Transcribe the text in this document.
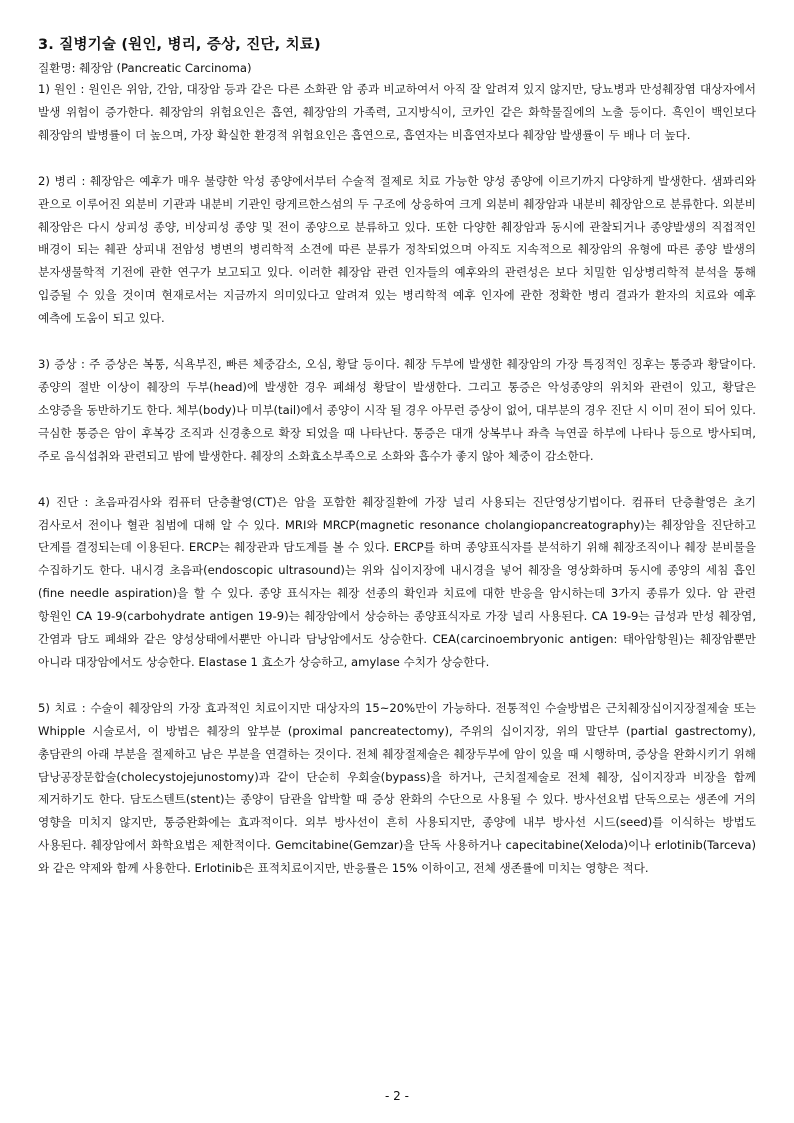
3. 질병기술 (원인, 병리, 증상, 진단, 치료)

질환명: 췌장암 (Pancreatic Carcinoma)

1) 원인 : 원인은 위암, 간암, 대장암 등과 같은 다른 소화관 암 종과 비교하여서 아직 잘 알려져 있지 않지만, 당뇨병과 만성췌장염 대상자에서 발생 위험이 증가한다. 췌장암의 위험요인은 흡연, 췌장암의 가족력, 고지방식이, 코카인 같은 화학물질에의 노출 등이다. 흑인이 백인보다 췌장암의 발병률이 더 높으며, 가장 확실한 환경적 위험요인은 흡연으로, 흡연자는 비흡연자보다 췌장암 발생률이 두 배나 더 높다.

2) 병리 : 췌장암은 예후가 매우 불량한 악성 종양에서부터 수술적 절제로 치료 가능한 양성 종양에 이르기까지 다양하게 발생한다. 샘꽈리와 관으로 이루어진 외분비 기관과 내분비 기관인 랑게르한스섬의 두 구조에 상응하여 크게 외분비 췌장암과 내분비 췌장암으로 분류한다. 외분비 췌장암은 다시 상피성 종양, 비상피성 종양 및 전이 종양으로 분류하고 있다. 또한 다양한 췌장암과 동시에 관찰되거나 종양발생의 직접적인 배경이 되는 췌관 상피내 전암성 병변의 병리학적 소견에 따른 분류가 정착되었으며 아직도 지속적으로 췌장암의 유형에 따른 종양 발생의 분자생물학적 기전에 관한 연구가 보고되고 있다. 이러한 췌장암 관련 인자들의 예후와의 관련성은 보다 치밀한 임상병리학적 분석을 통해 입증될 수 있을 것이며 현재로서는 지금까지 의미있다고 알려져 있는 병리학적 예후 인자에 관한 정확한 병리 결과가 환자의 치료와 예후 예측에 도움이 되고 있다.

3) 증상 : 주 증상은 복통, 식욕부진, 빠른 체중감소, 오심, 황달 등이다. 췌장 두부에 발생한 췌장암의 가장 특징적인 징후는 통증과 황달이다. 종양의 절반 이상이 췌장의 두부(head)에 발생한 경우 폐쇄성 황달이 발생한다. 그리고 통증은 악성종양의 위치와 관련이 있고, 황달은 소양증을 동반하기도 한다. 체부(body)나 미부(tail)에서 종양이 시작 될 경우 아무런 증상이 없어, 대부분의 경우 진단 시 이미 전이 되어 있다. 극심한 통증은 암이 후복강 조직과 신경총으로 확장 되었을 때 나타난다. 통증은 대개 상복부나 좌측 늑연골 하부에 나타나 등으로 방사되며, 주로 음식섭취와 관련되고 밤에 발생한다. 췌장의 소화효소부족으로 소화와 흡수가 좋지 않아 체중이 감소한다.

4) 진단 : 초음파검사와 컴퓨터 단층촬영(CT)은 암을 포함한 췌장질환에 가장 널리 사용되는 진단영상기법이다. 컴퓨터 단층촬영은 초기 검사로서 전이나 혈관 침범에 대해 알 수 있다. MRI와 MRCP(magnetic resonance cholangiopancreatography)는 췌장암을 진단하고 단계를 결정되는데 이용된다. ERCP는 췌장관과 담도계를 볼 수 있다. ERCP를 하며 종양표식자를 분석하기 위해 췌장조직이나 췌장 분비물을 수집하기도 한다. 내시경 초음파(endoscopic ultrasound)는 위와 십이지장에 내시경을 넣어 췌장을 영상화하며 동시에 종양의 세침 흡인 (fine needle aspiration)을 할 수 있다. 종양 표식자는 췌장 선종의 확인과 치료에 대한 반응을 암시하는데 3가지 종류가 있다. 암 관련 항원인 CA 19-9(carbohydrate antigen 19-9)는 췌장암에서 상승하는 종양표식자로 가장 널리 사용된다. CA 19-9는 급성과 만성 췌장염, 간염과 담도 폐쇄와 같은 양성상태에서뿐만 아니라 담낭암에서도 상승한다. CEA(carcinoembryonic antigen: 태아암항원)는 췌장암뿐만 아니라 대장암에서도 상승한다. Elastase 1 효소가 상승하고, amylase 수치가 상승한다.

5) 치료 : 수술이 췌장암의 가장 효과적인 치료이지만 대상자의 15~20%만이 가능하다. 전통적인 수술방법은 근치췌장십이지장절제술 또는 Whipple 시술로서, 이 방법은 췌장의 앞부분 (proximal pancreatectomy), 주위의 십이지장, 위의 말단부 (partial gastrectomy), 총담관의 아래 부분을 절제하고 남은 부분을 연결하는 것이다. 전체 췌장절제술은 췌장두부에 암이 있을 때 시행하며, 증상을 완화시키기 위해 담낭공장문합술(cholecystojejunostomy)과 같이 단순히 우회술(bypass)을 하거나, 근치절제술로 전체 췌장, 십이지장과 비장을 함께 제거하기도 한다. 담도스텐트(stent)는 종양이 담관을 압박할 때 증상 완화의 수단으로 사용될 수 있다. 방사선요법 단독으로는 생존에 거의 영향을 미치지 않지만, 통증완화에는 효과적이다. 외부 방사선이 흔히 사용되지만, 종양에 내부 방사선 시드(seed)를 이식하는 방법도 사용된다. 췌장암에서 화학요법은 제한적이다. Gemcitabine(Gemzar)을 단독 사용하거나 capecitabine(Xeloda)이나 erlotinib(Tarceva)와 같은 약제와 함께 사용한다. Erlotinib은 표적치료이지만, 반응률은 15% 이하이고, 전체 생존률에 미치는 영향은 적다.

- 2 -
